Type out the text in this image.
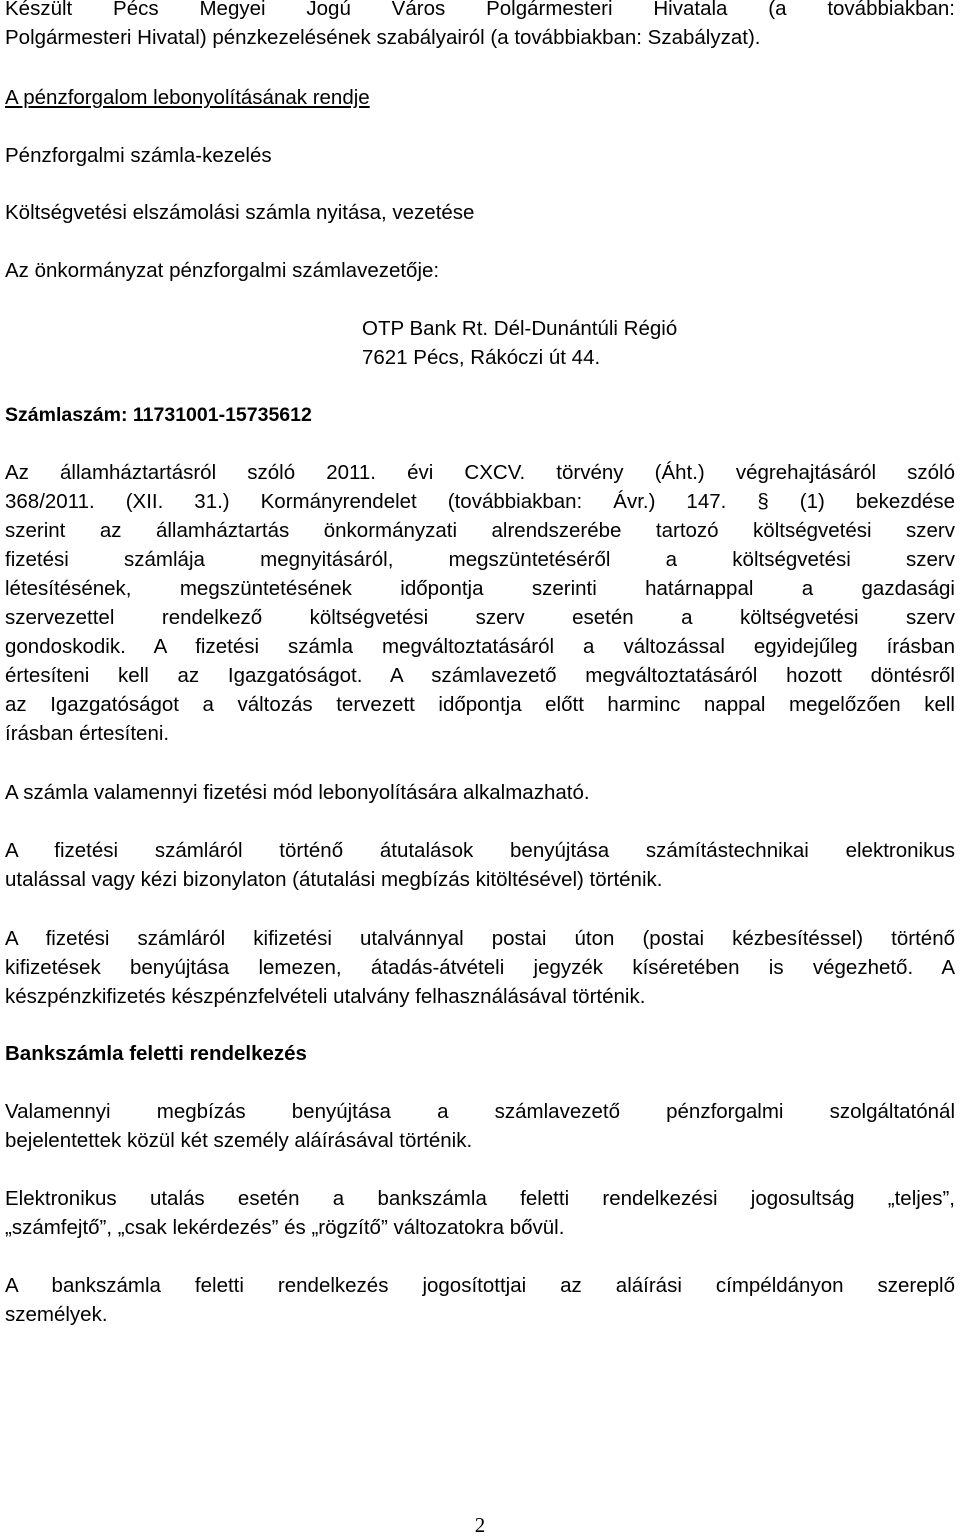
Készült Pécs Megyei Jogú Város Polgármesteri Hivatala (a továbbiakban:
Polgármesteri Hivatal) pénzkezelésének szabályairól (a továbbiakban: Szabályzat).
A pénzforgalom lebonyolításának rendje
Pénzforgalmi számla-kezelés
Költségvetési elszámolási számla nyitása, vezetése
Az önkormányzat pénzforgalmi számlavezetője:
OTP Bank Rt. Dél-Dunántúli Régió
7621 Pécs, Rákóczi út 44.
Számlaszám: 11731001-15735612
Az államháztartásról szóló 2011. évi CXCV. törvény (Áht.) végrehajtásáról szóló
368/2011. (XII. 31.) Kormányrendelet (továbbiakban: Ávr.) 147. § (1) bekezdése
szerint az államháztartás önkormányzati alrendszerébe tartozó költségvetési szerv
fizetési számlája megnyitásáról, megszüntetéséről a költségvetési szerv
létesítésének, megszüntetésének időpontja szerinti határnappal a gazdasági
szervezettel rendelkező költségvetési szerv esetén a költségvetési szerv
gondoskodik. A fizetési számla megváltoztatásáról a változással egyidejűleg írásban
értesíteni kell az Igazgatóságot. A számlavezető megváltoztatásáról hozott döntésről
az Igazgatóságot a változás tervezett időpontja előtt harminc nappal megelőzően kell
írásban értesíteni.
A számla valamennyi fizetési mód lebonyolítására alkalmazható.
A fizetési számláról történő átutalások benyújtása számítástechnikai elektronikus
utalással vagy kézi bizonylaton (átutalási megbízás kitöltésével) történik.
A fizetési számláról kifizetési utalvánnyal postai úton (postai kézbesítéssel) történő
kifizetések benyújtása lemezen, átadás-átvételi jegyzék kíséretében is végezhető. A
készpénzkifizetés készpénzfelvételi utalvány felhasználásával történik.
Bankszámla feletti rendelkezés
Valamennyi megbízás benyújtása a számlavezető pénzforgalmi szolgáltatónál
bejelentettek közül két személy aláírásával történik.
Elektronikus utalás esetén a bankszámla feletti rendelkezési jogosultság „teljes”,
„számfejtő”, „csak lekérdezés” és „rögzítő” változatokra bővül.
A bankszámla feletti rendelkezés jogosítottjai az aláírási címpéldányon szereplő
személyek.
2
